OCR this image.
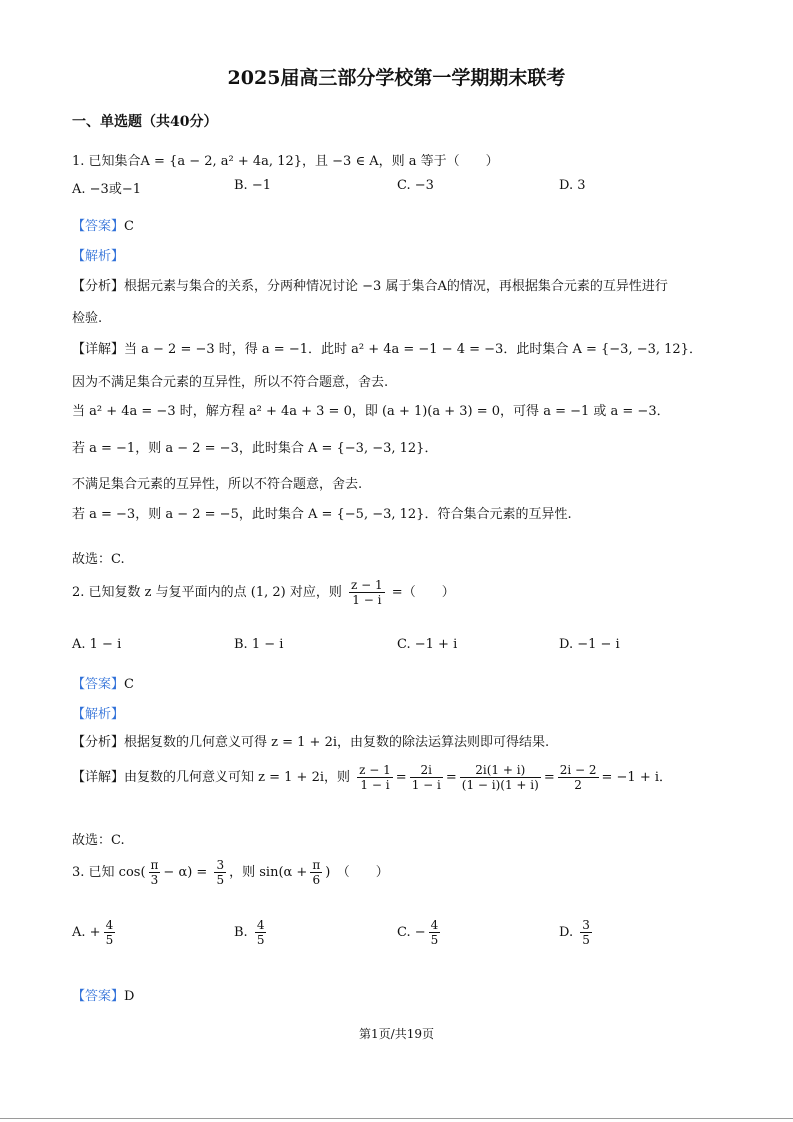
2025届高三部分学校第一学期期末联考
一、单选题（共40分）
1. 已知集合A = {a − 2, a² + 4a, 12}，且 −3 ∈ A，则 a 等于（　　）
A. −3或−1	B. −1	C. −3	D. 3
【答案】C
【解析】
【分析】根据元素与集合的关系，分两种情况讨论 −3 属于集合A的情况，再根据集合元素的互异性进行
检验.
【详解】当 a − 2 = −3 时，得 a = −1．此时 a² + 4a = −1 − 4 = −3．此时集合 A = {−3, −3, 12}．
因为不满足集合元素的互异性，所以不符合题意，舍去.
当 a² + 4a = −3 时，解方程 a² + 4a + 3 = 0，即 (a + 1)(a + 3) = 0，可得 a = −1 或 a = −3．
若 a = −1，则 a − 2 = −3，此时集合 A = {−3, −3, 12}．
不满足集合元素的互异性，所以不符合题意，舍去.
若 a = −3，则 a − 2 = −5，此时集合 A = {−5, −3, 12}．符合集合元素的互异性.
故选：C.
2. 已知复数 z 与复平面内的点 (1, 2) 对应，则 $\frac{z - 1}{1 - i}$ =（　　）
A. 1 − i	B. 1 − i	C. −1 + i	D. −1 − i
【答案】C
【解析】
【分析】根据复数的几何意义可得 z = 1 + 2i，由复数的除法运算法则即可得结果.
【详解】由复数的几何意义可知 z = 1 + 2i，则 $\frac{z - 1}{1 - i} = \frac{2i}{1 - i} = \frac{2i(1 + i)}{(1 - i)(1 + i)} = \frac{2i - 2}{2} = -1 + i$．
故选：C.
3. 已知 $\cos( \frac{\pi}{3} - \alpha) = \frac{3}{5}$ ，则 $\sin(\alpha + \frac{\pi}{6}$ )　（　　）
A. + $\frac{4}{5}$	B. $\frac{4}{5}$	C. − $\frac{4}{5}$	D. $\frac{3}{5}$
【答案】D
第1页/共19页
